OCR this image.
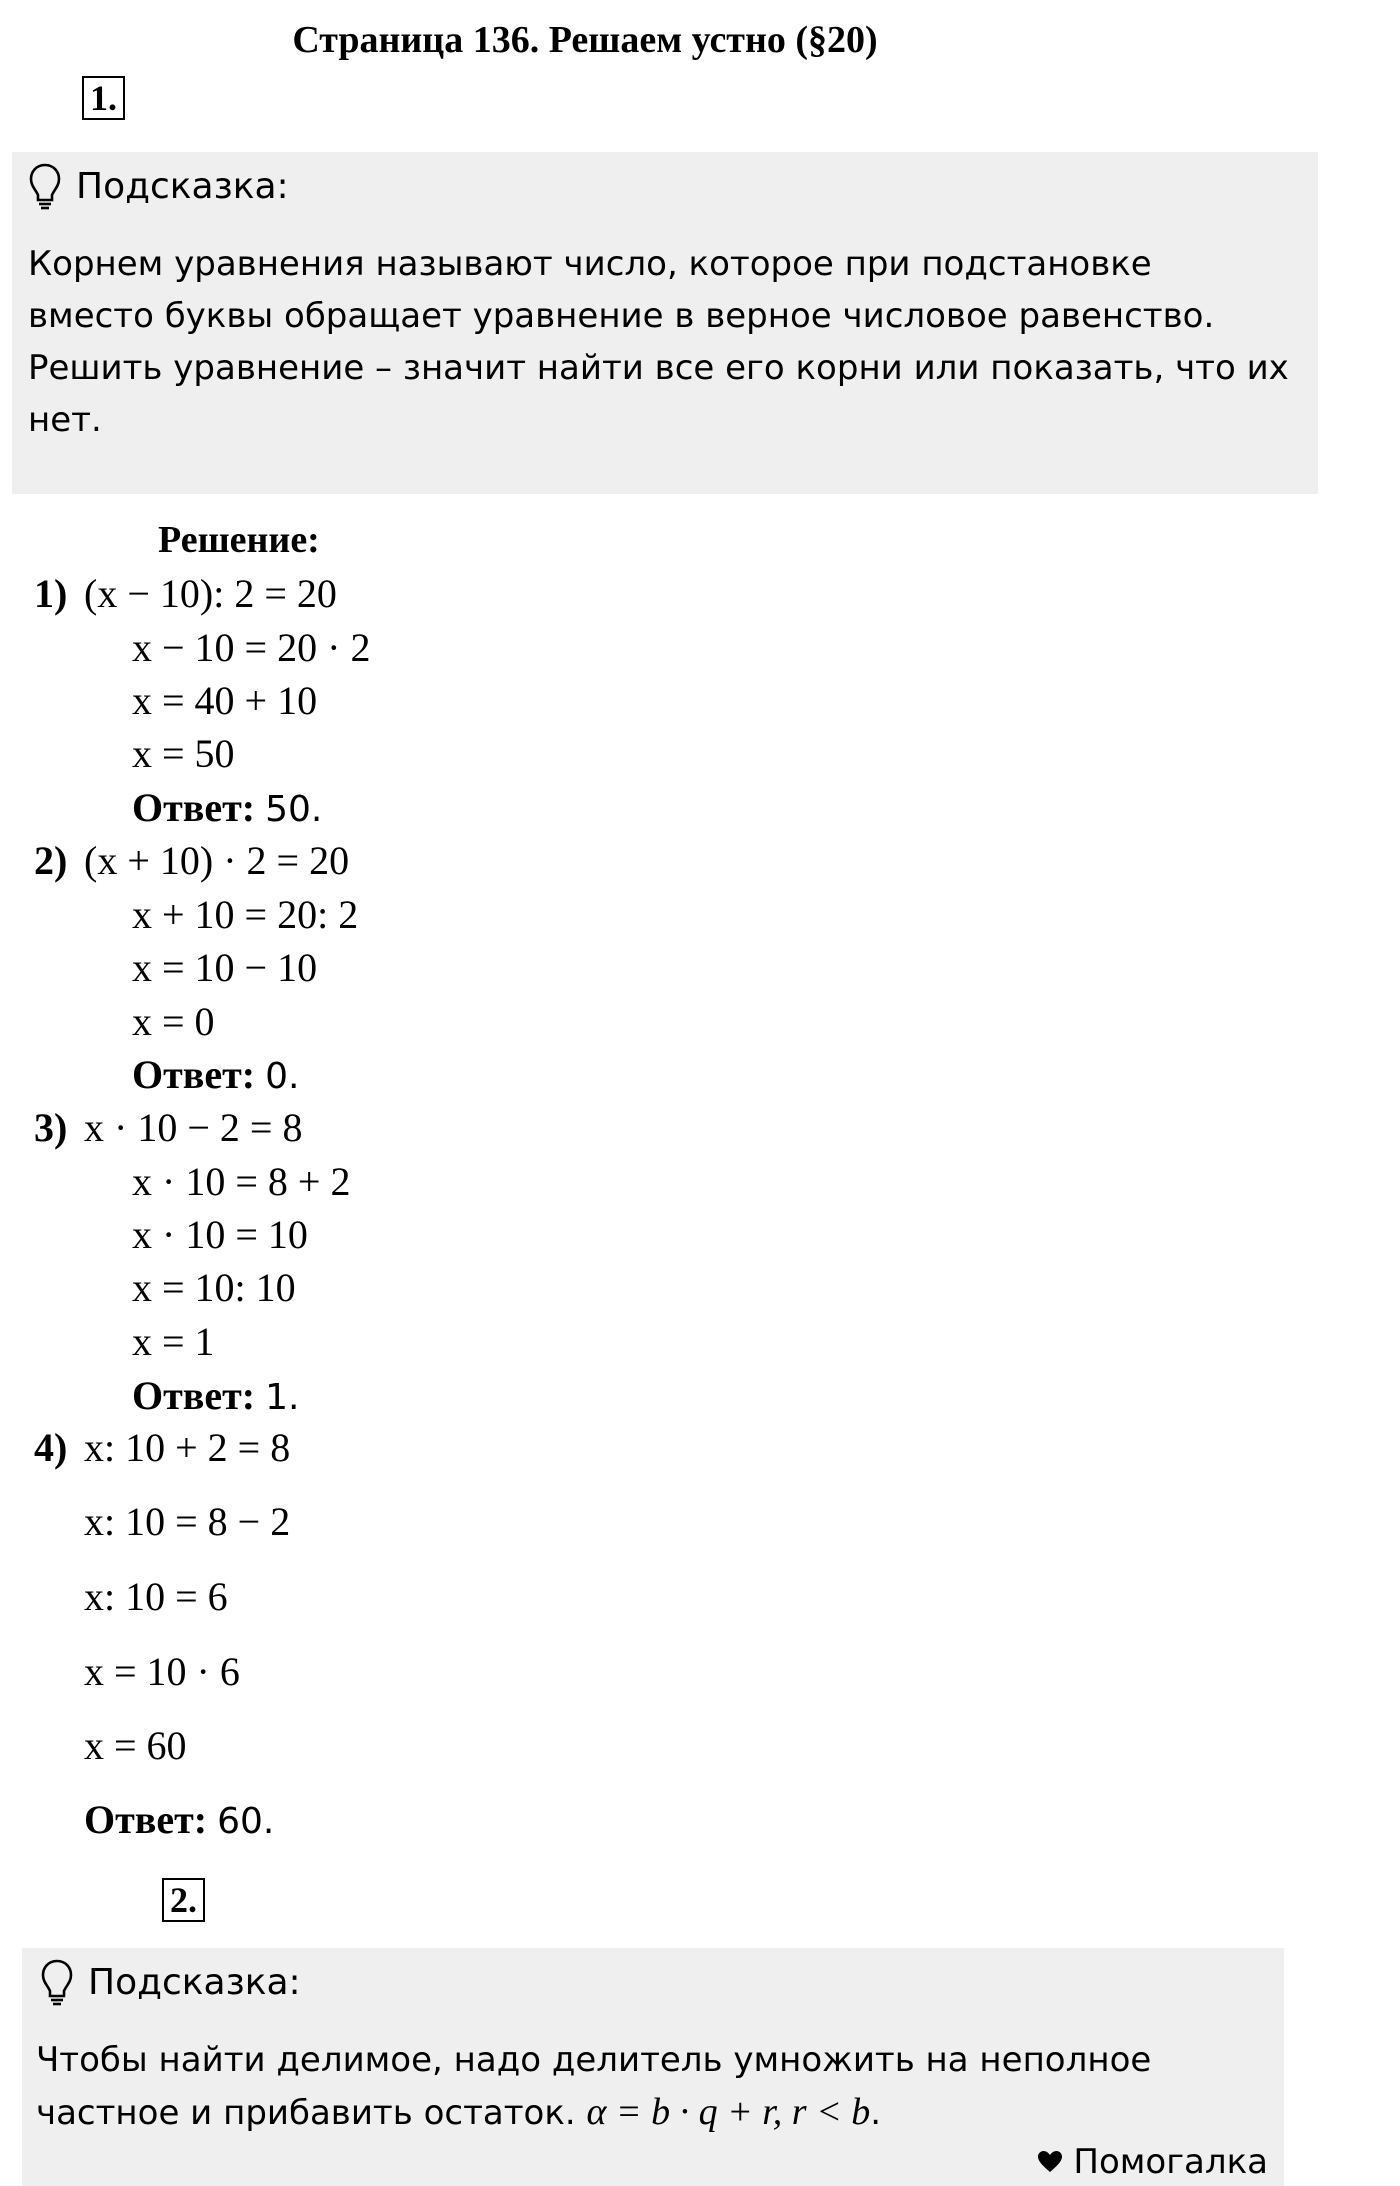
Страница 136. Решаем устно (§20)
1.
Подсказка:
Корнем уравнения называют число, которое при подстановке
вместо буквы обращает уравнение в верное числовое равенство.
Решить уравнение – значит найти все его корни или показать, что их
нет.
Решение:
1) (x − 10): 2 = 20
x − 10 = 20 · 2
x = 40 + 10
x = 50
Ответ: 50.
2) (x + 10) · 2 = 20
x + 10 = 20: 2
x = 10 − 10
x = 0
Ответ: 0.
3) x · 10 − 2 = 8
x · 10 = 8 + 2
x · 10 = 10
x = 10: 10
x = 1
Ответ: 1.
4) x: 10 + 2 = 8
x: 10 = 8 − 2
x: 10 = 6
x = 10 · 6
x = 60
Ответ: 60.
2.
Подсказка:
Чтобы найти делимое, надо делитель умножить на неполное
частное и прибавить остаток. α = b · q + r, r < b.
Помогалка
